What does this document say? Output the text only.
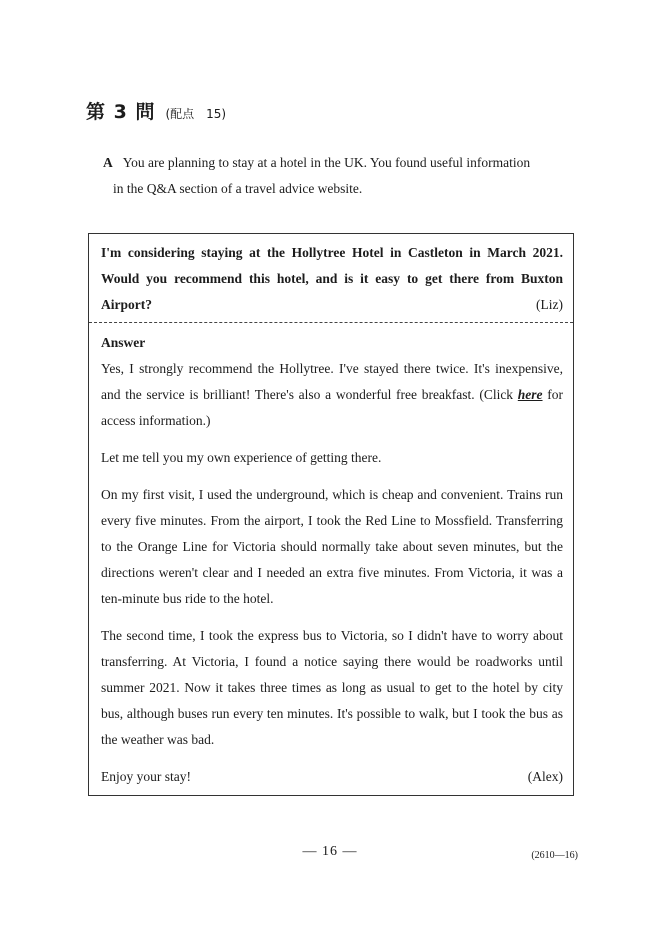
第 3 問 (配点　15)
A You are planning to stay at a hotel in the UK. You found useful information
in the Q&A section of a travel advice website.
I'm considering staying at the Hollytree Hotel in Castleton in March 2021. Would you recommend this hotel, and is it easy to get there from Buxton Airport?	(Liz)
Answer

Yes, I strongly recommend the Hollytree. I've stayed there twice. It's inexpensive, and the service is brilliant! There's also a wonderful free breakfast. (Click here for access information.)

Let me tell you my own experience of getting there.

On my first visit, I used the underground, which is cheap and convenient. Trains run every five minutes. From the airport, I took the Red Line to Mossfield. Transferring to the Orange Line for Victoria should normally take about seven minutes, but the directions weren't clear and I needed an extra five minutes. From Victoria, it was a ten-minute bus ride to the hotel.

The second time, I took the express bus to Victoria, so I didn't have to worry about transferring. At Victoria, I found a notice saying there would be roadworks until summer 2021. Now it takes three times as long as usual to get to the hotel by city bus, although buses run every ten minutes. It's possible to walk, but I took the bus as the weather was bad.

Enjoy your stay!	(Alex)

— 16 —	(2610—16)
